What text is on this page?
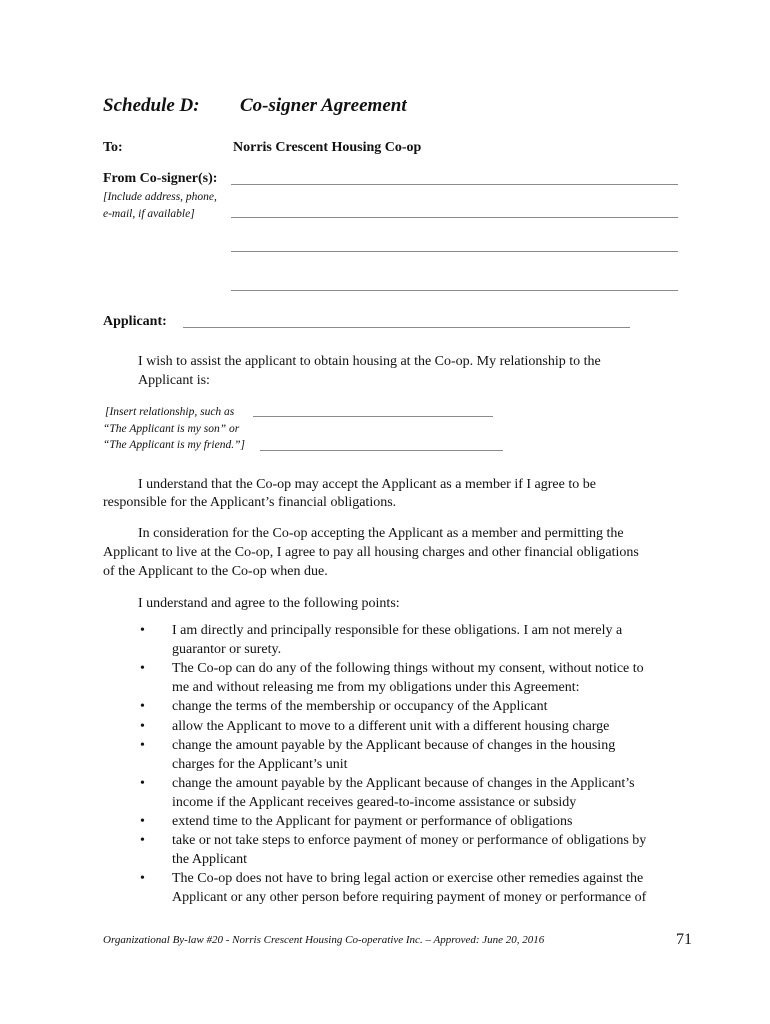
Schedule D: Co-signer Agreement
To:	Norris Crescent Housing Co-op
From Co-signer(s):
[Include address, phone,
e-mail, if available]
Applicant:
I wish to assist the applicant to obtain housing at the Co-op. My relationship to the
Applicant is:
[Insert relationship, such as
“The Applicant is my son” or
“The Applicant is my friend.”]
I understand that the Co-op may accept the Applicant as a member if I agree to be
responsible for the Applicant’s financial obligations.
In consideration for the Co-op accepting the Applicant as a member and permitting the
Applicant to live at the Co-op, I agree to pay all housing charges and other financial obligations
of the Applicant to the Co-op when due.
I understand and agree to the following points:
•	I am directly and principally responsible for these obligations. I am not merely a
guarantor or surety.
•	The Co-op can do any of the following things without my consent, without notice to
me and without releasing me from my obligations under this Agreement:
•	change the terms of the membership or occupancy of the Applicant
•	allow the Applicant to move to a different unit with a different housing charge
•	change the amount payable by the Applicant because of changes in the housing
charges for the Applicant’s unit
•	change the amount payable by the Applicant because of changes in the Applicant’s
income if the Applicant receives geared-to-income assistance or subsidy
•	extend time to the Applicant for payment or performance of obligations
•	take or not take steps to enforce payment of money or performance of obligations by
the Applicant
•	The Co-op does not have to bring legal action or exercise other remedies against the
Applicant or any other person before requiring payment of money or performance of
Organizational By-law #20 - Norris Crescent Housing Co-operative Inc. – Approved: June 20, 2016	71
